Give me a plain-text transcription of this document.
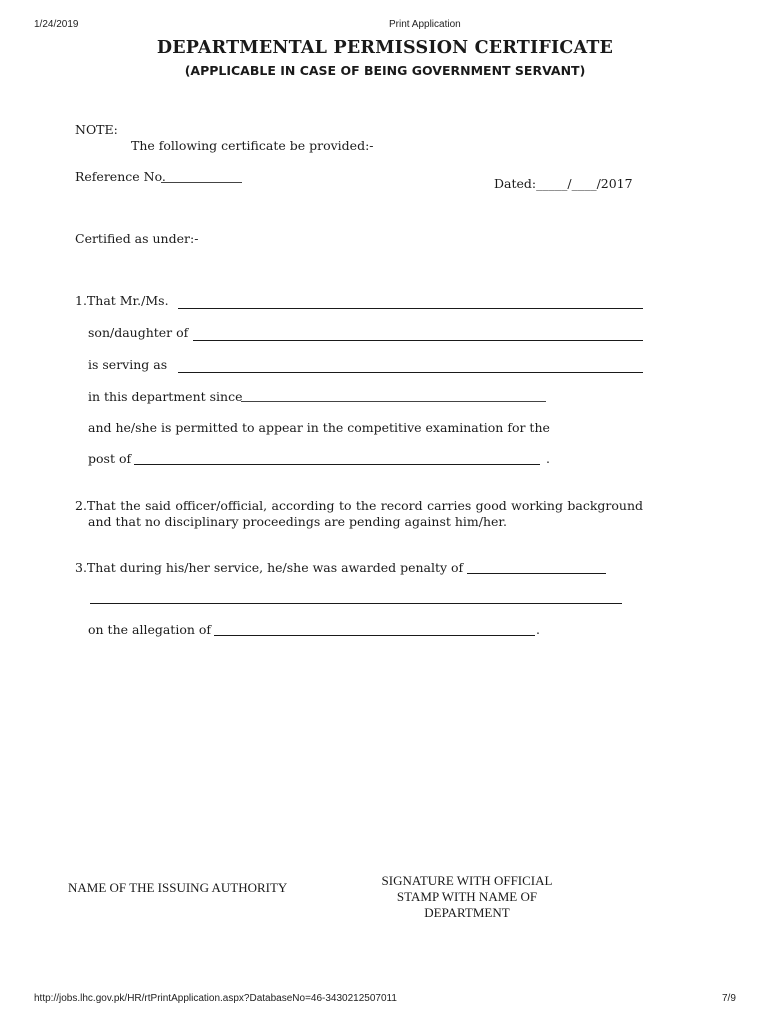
1/24/2019	Print Application
DEPARTMENTAL PERMISSION CERTIFICATE
(APPLICABLE IN CASE OF BEING GOVERNMENT SERVANT)
NOTE:
The following certificate be provided:-
Reference No.	Dated:_____/____/2017
Certified as under:-
1.That Mr./Ms.
son/daughter of
is serving as
in this department since
and he/she is permitted to appear in the competitive examination for the
post of	.
2.That the said officer/official, according to the record carries good working background
and that no disciplinary proceedings are pending against him/her.
3.That during his/her service, he/she was awarded penalty of
on the allegation of	.
NAME OF THE ISSUING AUTHORITY	SIGNATURE WITH OFFICIAL
STAMP WITH NAME OF
DEPARTMENT
http://jobs.lhc.gov.pk/HR/rtPrintApplication.aspx?DatabaseNo=46-3430212507011	7/9
